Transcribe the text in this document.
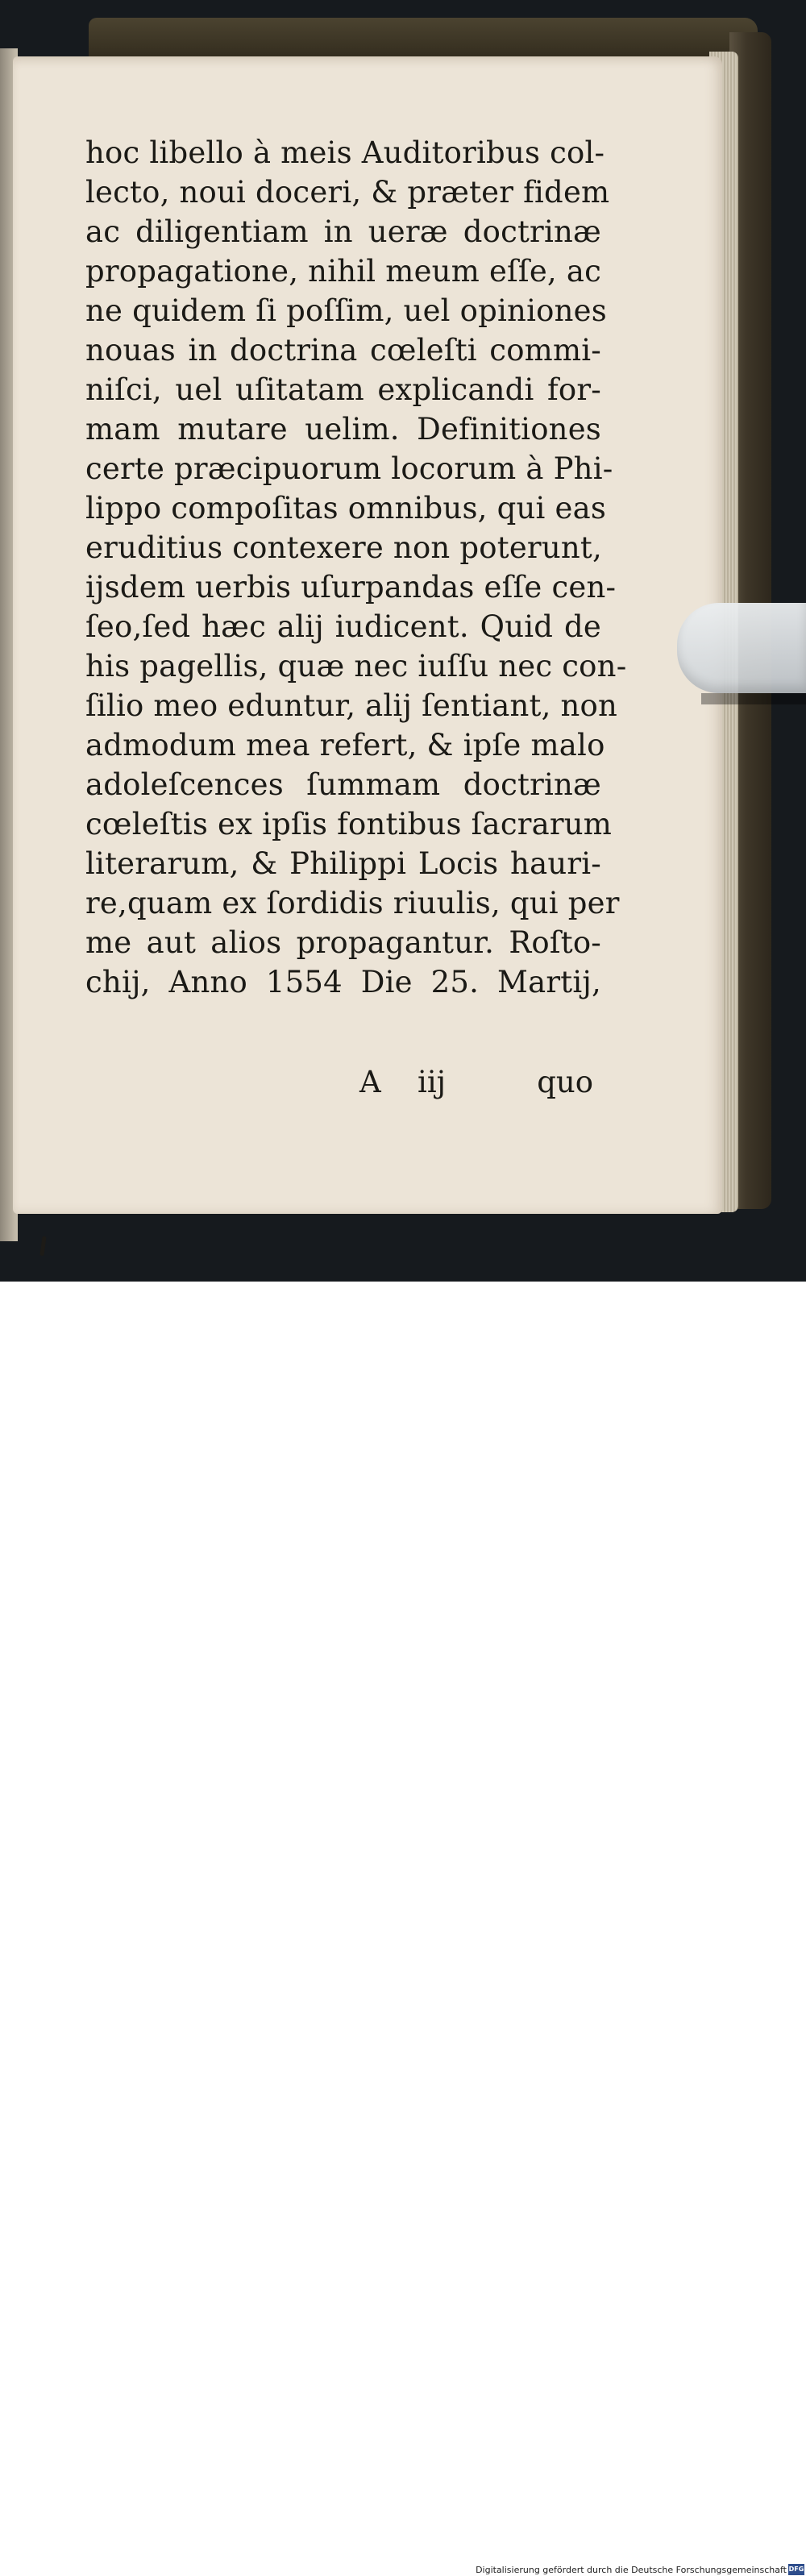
hoc libello à meis Auditoribus col-
lecto, noui doceri, & præter fidem
ac diligentiam in ueræ doctrinæ
propagatione, nihil meum eſſe, ac
ne quidem ſi poſſim, uel opiniones
nouas in doctrina cœleſti commi-
niſci, uel uſitatam explicandi for-
mam mutare uelim. Definitiones
certe præcipuorum locorum à Phi-
lippo compoſitas omnibus, qui eas
eruditius contexere non poterunt,
ijsdem uerbis uſurpandas eſſe cen-
ſeo,ſed hæc alij iudicent. Quid de
his pagellis, quæ nec iuſſu nec con-
ſilio meo eduntur, alij ſentiant, non
admodum mea refert, & ipſe malo
adoleſcences ſummam doctrinæ
cœleſtis ex ipſis fontibus ſacrarum
literarum, & Philippi Locis hauri-
re,quam ex ſordidis riuulis, qui per
me aut alios propagantur. Roſto-
chij, Anno 1554 Die 25. Martij,
A iij	quo
Digitalisierung gefördert durch die Deutsche Forschungsgemeinschaft DFG
